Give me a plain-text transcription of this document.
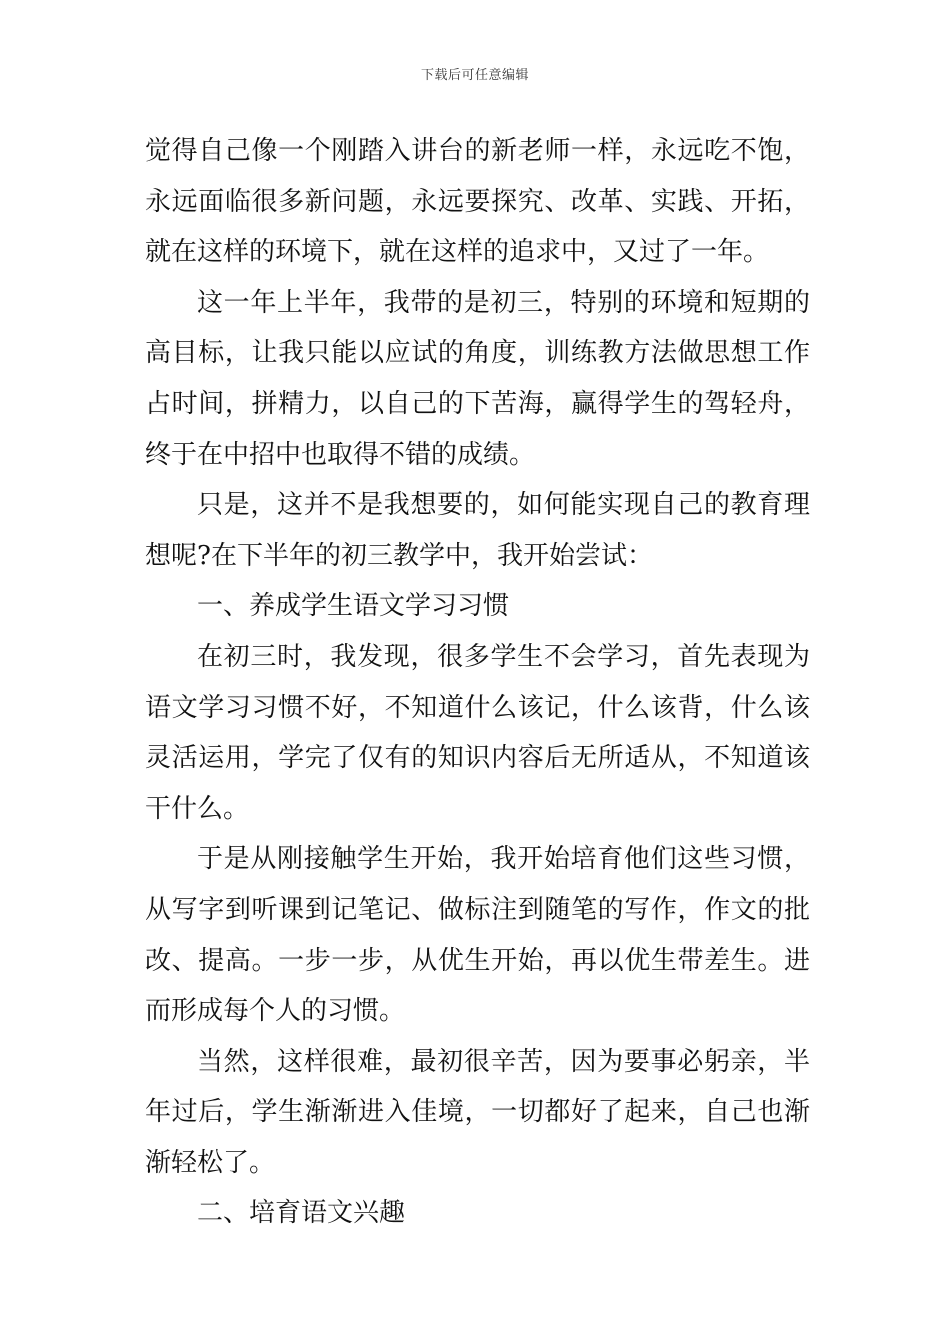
下载后可任意编辑

觉得自己像一个刚踏入讲台的新老师一样，永远吃不饱，永远面临很多新问题，永远要探究、改革、实践、开拓，就在这样的环境下，就在这样的追求中，又过了一年。

这一年上半年，我带的是初三，特别的环境和短期的高目标，让我只能以应试的角度，训练教方法做思想工作占时间，拼精力，以自己的下苦海，赢得学生的驾轻舟，终于在中招中也取得不错的成绩。

只是，这并不是我想要的，如何能实现自己的教育理想呢?在下半年的初三教学中，我开始尝试：

一、养成学生语文学习习惯

在初三时，我发现，很多学生不会学习，首先表现为语文学习习惯不好，不知道什么该记，什么该背，什么该灵活运用，学完了仅有的知识内容后无所适从，不知道该干什么。

于是从刚接触学生开始，我开始培育他们这些习惯，从写字到听课到记笔记、做标注到随笔的写作，作文的批改、提高。一步一步，从优生开始，再以优生带差生。进而形成每个人的习惯。

当然，这样很难，最初很辛苦，因为要事必躬亲，半年过后，学生渐渐进入佳境，一切都好了起来，自己也渐渐轻松了。

二、培育语文兴趣
